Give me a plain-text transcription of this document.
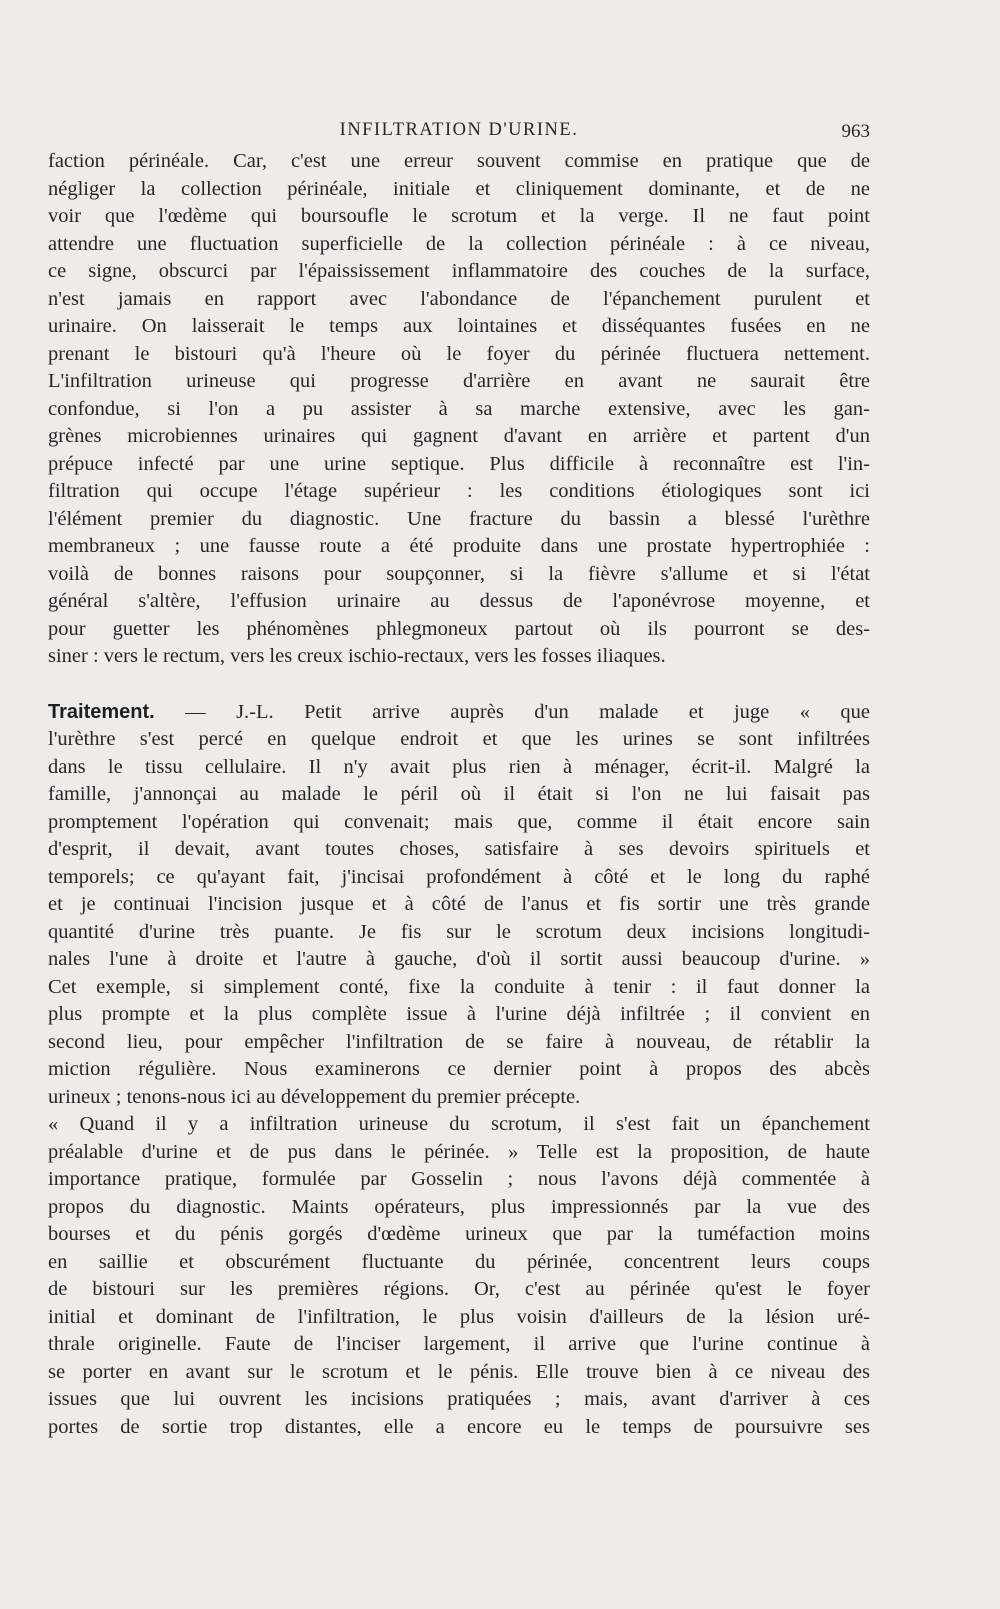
INFILTRATION D'URINE.	963
faction périnéale. Car, c'est une erreur souvent commise en pratique que de
négliger la collection périnéale, initiale et cliniquement dominante, et de ne
voir que l'œdème qui boursoufle le scrotum et la verge. Il ne faut point
attendre une fluctuation superficielle de la collection périnéale : à ce niveau,
ce signe, obscurci par l'épaississement inflammatoire des couches de la surface,
n'est jamais en rapport avec l'abondance de l'épanchement purulent et
urinaire. On laisserait le temps aux lointaines et disséquantes fusées en ne
prenant le bistouri qu'à l'heure où le foyer du périnée fluctuera nettement.
L'infiltration urineuse qui progresse d'arrière en avant ne saurait être
confondue, si l'on a pu assister à sa marche extensive, avec les gan-
grènes microbiennes urinaires qui gagnent d'avant en arrière et partent d'un
prépuce infecté par une urine septique. Plus difficile à reconnaître est l'in-
filtration qui occupe l'étage supérieur : les conditions étiologiques sont ici
l'élément premier du diagnostic. Une fracture du bassin a blessé l'urèthre
membraneux ; une fausse route a été produite dans une prostate hypertrophiée :
voilà de bonnes raisons pour soupçonner, si la fièvre s'allume et si l'état
général s'altère, l'effusion urinaire au dessus de l'aponévrose moyenne, et
pour guetter les phénomènes phlegmoneux partout où ils pourront se des-
siner : vers le rectum, vers les creux ischio-rectaux, vers les fosses iliaques.
Traitement. — J.-L. Petit arrive auprès d'un malade et juge « que
l'urèthre s'est percé en quelque endroit et que les urines se sont infiltrées
dans le tissu cellulaire. Il n'y avait plus rien à ménager, écrit-il. Malgré la
famille, j'annonçai au malade le péril où il était si l'on ne lui faisait pas
promptement l'opération qui convenait; mais que, comme il était encore sain
d'esprit, il devait, avant toutes choses, satisfaire à ses devoirs spirituels et
temporels; ce qu'ayant fait, j'incisai profondément à côté et le long du raphé
et je continuai l'incision jusque et à côté de l'anus et fis sortir une très grande
quantité d'urine très puante. Je fis sur le scrotum deux incisions longitudi-
nales l'une à droite et l'autre à gauche, d'où il sortit aussi beaucoup d'urine. »
Cet exemple, si simplement conté, fixe la conduite à tenir : il faut donner la
plus prompte et la plus complète issue à l'urine déjà infiltrée ; il convient en
second lieu, pour empêcher l'infiltration de se faire à nouveau, de rétablir la
miction régulière. Nous examinerons ce dernier point à propos des abcès
urineux ; tenons-nous ici au développement du premier précepte.
« Quand il y a infiltration urineuse du scrotum, il s'est fait un épanchement
préalable d'urine et de pus dans le périnée. » Telle est la proposition, de haute
importance pratique, formulée par Gosselin ; nous l'avons déjà commentée à
propos du diagnostic. Maints opérateurs, plus impressionnés par la vue des
bourses et du pénis gorgés d'œdème urineux que par la tuméfaction moins
en saillie et obscurément fluctuante du périnée, concentrent leurs coups
de bistouri sur les premières régions. Or, c'est au périnée qu'est le foyer
initial et dominant de l'infiltration, le plus voisin d'ailleurs de la lésion uré-
thrale originelle. Faute de l'inciser largement, il arrive que l'urine continue à
se porter en avant sur le scrotum et le pénis. Elle trouve bien à ce niveau des
issues que lui ouvrent les incisions pratiquées ; mais, avant d'arriver à ces
portes de sortie trop distantes, elle a encore eu le temps de poursuivre ses
